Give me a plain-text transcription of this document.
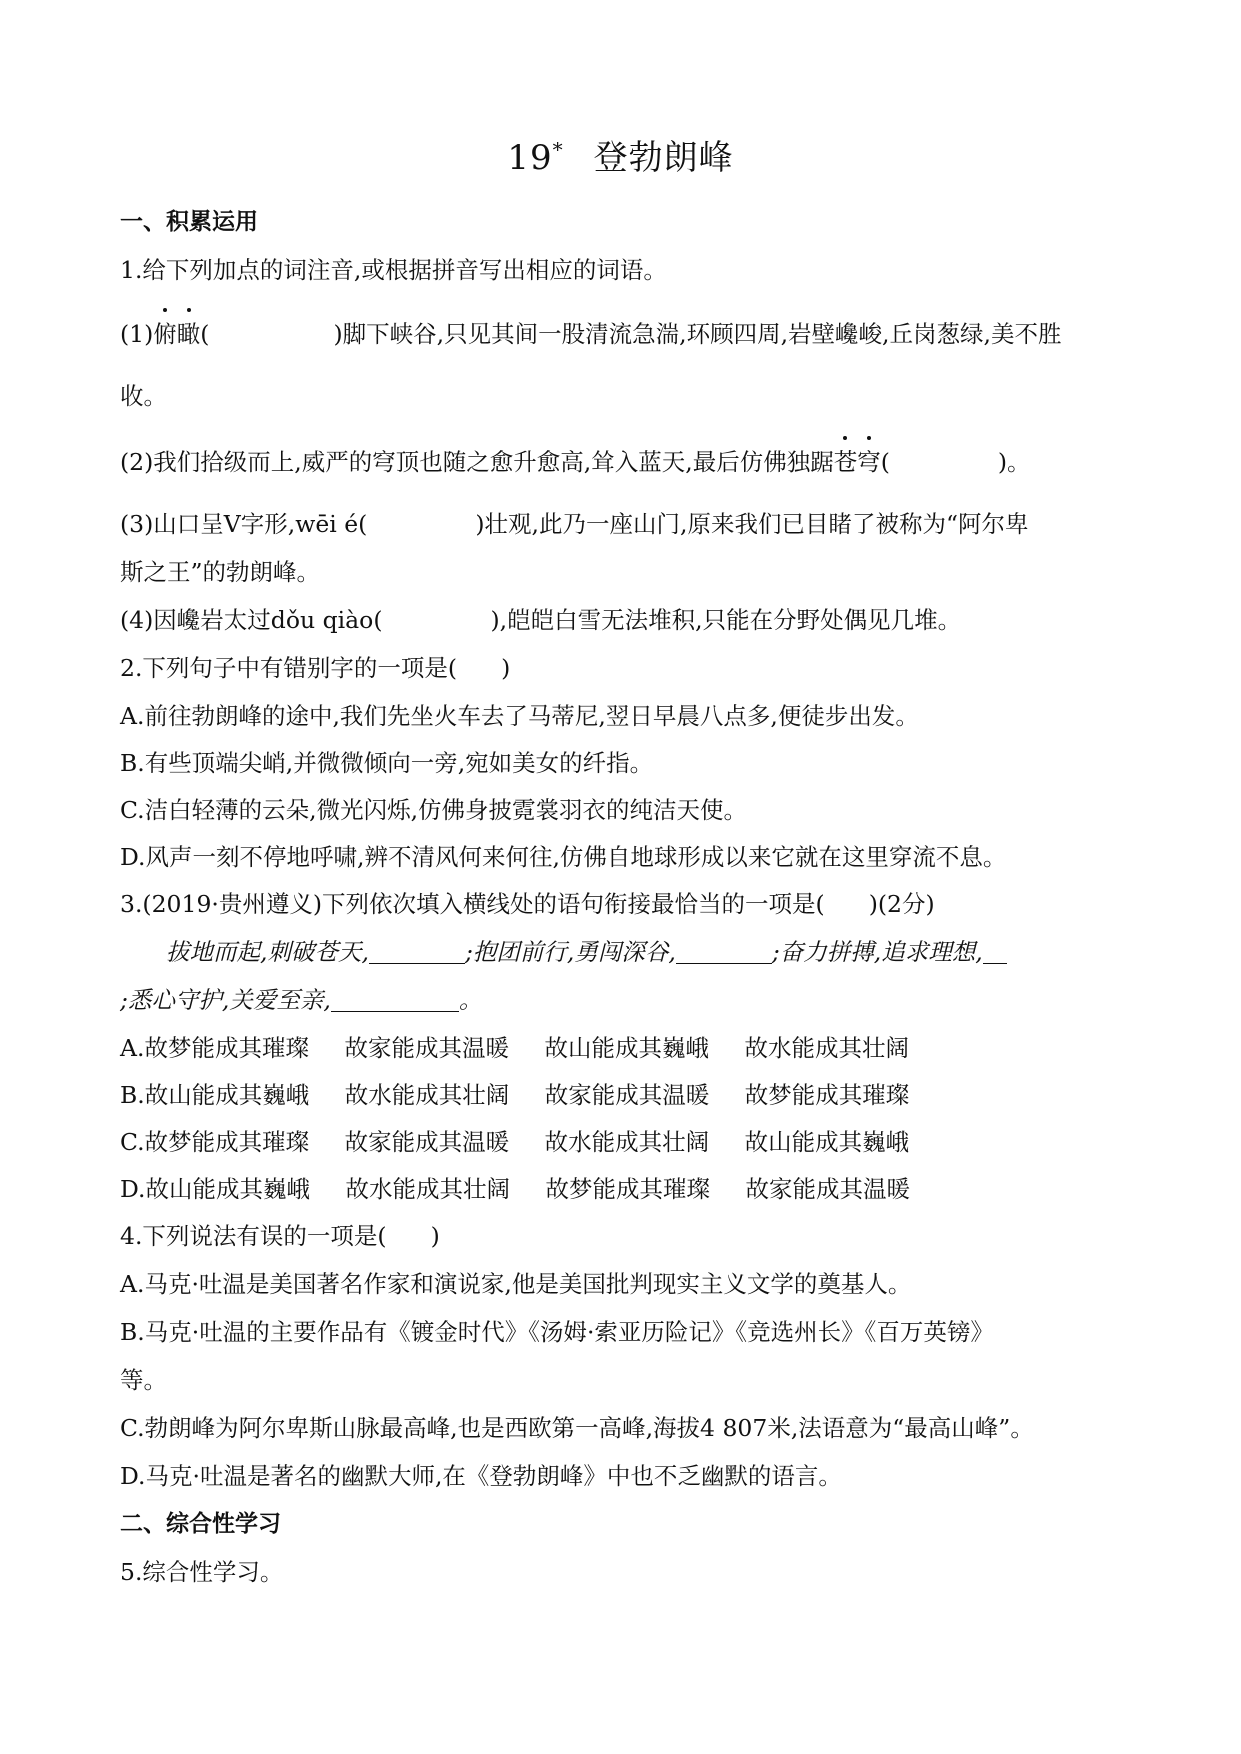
19* 登勃朗峰
一、积累运用
1.给下列加点的词注音,或根据拼音写出相应的词语。
(1)俯瞰(	)脚下峡谷,只见其间一股清流急湍,环顾四周,岩壁巉峻,丘岗葱绿,美不胜
收。
(2)我们拾级而上,威严的穹顶也随之愈升愈高,耸入蓝天,最后仿佛独踞苍穹(	)。
(3)山口呈V字形,wēi é(	)壮观,此乃一座山门,原来我们已目睹了被称为“阿尔卑
斯之王”的勃朗峰。
(4)因巉岩太过dǒu qiào(	),皑皑白雪无法堆积,只能在分野处偶见几堆。
2.下列句子中有错别字的一项是( )
A.前往勃朗峰的途中,我们先坐火车去了马蒂尼,翌日早晨八点多,便徒步出发。
B.有些顶端尖峭,并微微倾向一旁,宛如美女的纤指。
C.洁白轻薄的云朵,微光闪烁,仿佛身披霓裳羽衣的纯洁天使。
D.风声一刻不停地呼啸,辨不清风何来何往,仿佛自地球形成以来它就在这里穿流不息。
3.(2019·贵州遵义)下列依次填入横线处的语句衔接最恰当的一项是( )(2分)
拔地而起,刺破苍天,	;抱团前行,勇闯深谷,	;奋力拼搏,追求理想,
;悉心守护,关爱至亲,	。
A.故梦能成其璀璨 故家能成其温暖 故山能成其巍峨 故水能成其壮阔
B.故山能成其巍峨 故水能成其壮阔 故家能成其温暖 故梦能成其璀璨
C.故梦能成其璀璨 故家能成其温暖 故水能成其壮阔 故山能成其巍峨
D.故山能成其巍峨 故水能成其壮阔 故梦能成其璀璨 故家能成其温暖
4.下列说法有误的一项是( )
A.马克·吐温是美国著名作家和演说家,他是美国批判现实主义文学的奠基人。
B.马克·吐温的主要作品有《镀金时代》《汤姆·索亚历险记》《竞选州长》《百万英镑》
等。
C.勃朗峰为阿尔卑斯山脉最高峰,也是西欧第一高峰,海拔4 807米,法语意为“最高山峰”。
D.马克·吐温是著名的幽默大师,在《登勃朗峰》中也不乏幽默的语言。
二、综合性学习
5.综合性学习。
